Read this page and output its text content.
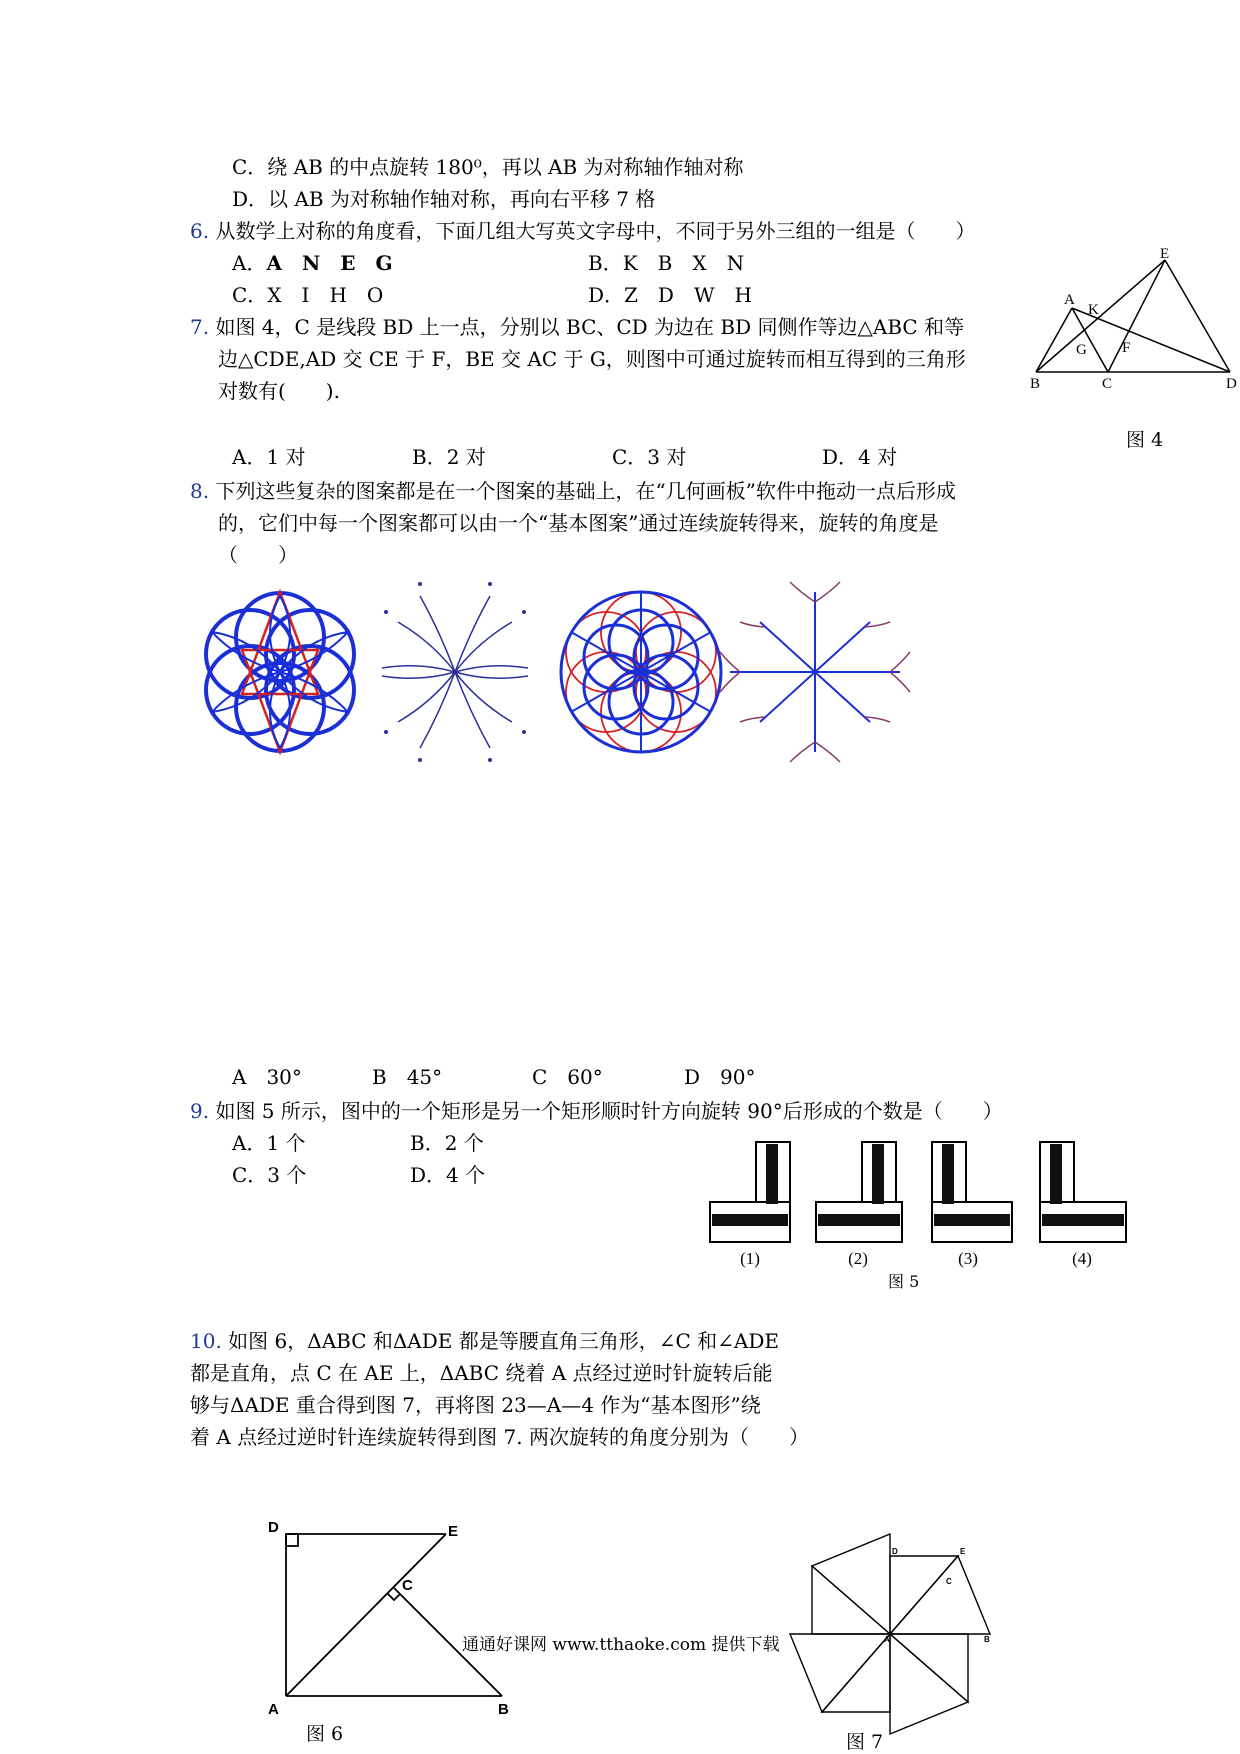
C．绕 AB 的中点旋转 180⁰，再以 AB 为对称轴作轴对称
D．以 AB 为对称轴作轴对称，再向右平移 7 格
6. 从数学上对称的角度看，下面几组大写英文字母中，不同于另外三组的一组是（　　）
A．A　N　E　G	B．K　B　X　N
C．X　I　H　O	D．Z　D　W　H
7. 如图 4，C 是线段 BD 上一点，分别以 BC、CD 为边在 BD 同侧作等边△ABC 和等
边△CDE,AD 交 CE 于 F，BE 交 AC 于 G，则图中可通过旋转而相互得到的三角形
对数有(　　).
A．1 对	B．2 对	C．3 对	D．4 对
A
B	C	D
E
F
G
K
图 4
8. 下列这些复杂的图案都是在一个图案的基础上，在“几何画板”软件中拖动一点后形成
的，它们中每一个图案都可以由一个“基本图案”通过连续旋转得来，旋转的角度是
（　　）
A　30°	B　45°	C　60°	D　90°
9. 如图 5 所示，图中的一个矩形是另一个矩形顺时针方向旋转 90°后形成的个数是（　　）
A．1 个	B．2 个
C．3 个	D．4 个
(1)	(2)	(3)	(4)
图 5
10. 如图 6，ΔABC 和ΔADE 都是等腰直角三角形，∠C 和∠ADE
都是直角，点 C 在 AE 上，ΔABC 绕着 A 点经过逆时针旋转后能
够与ΔADE 重合得到图 7，再将图 23—A—4 作为“基本图形”绕
着 A 点经过逆时针连续旋转得到图 7. 两次旋转的角度分别为（　　）
D	E
C
A	B
图 6
通通好课网 www.tthaoke.com 提供下载
D	E
C
A	B
图 7
